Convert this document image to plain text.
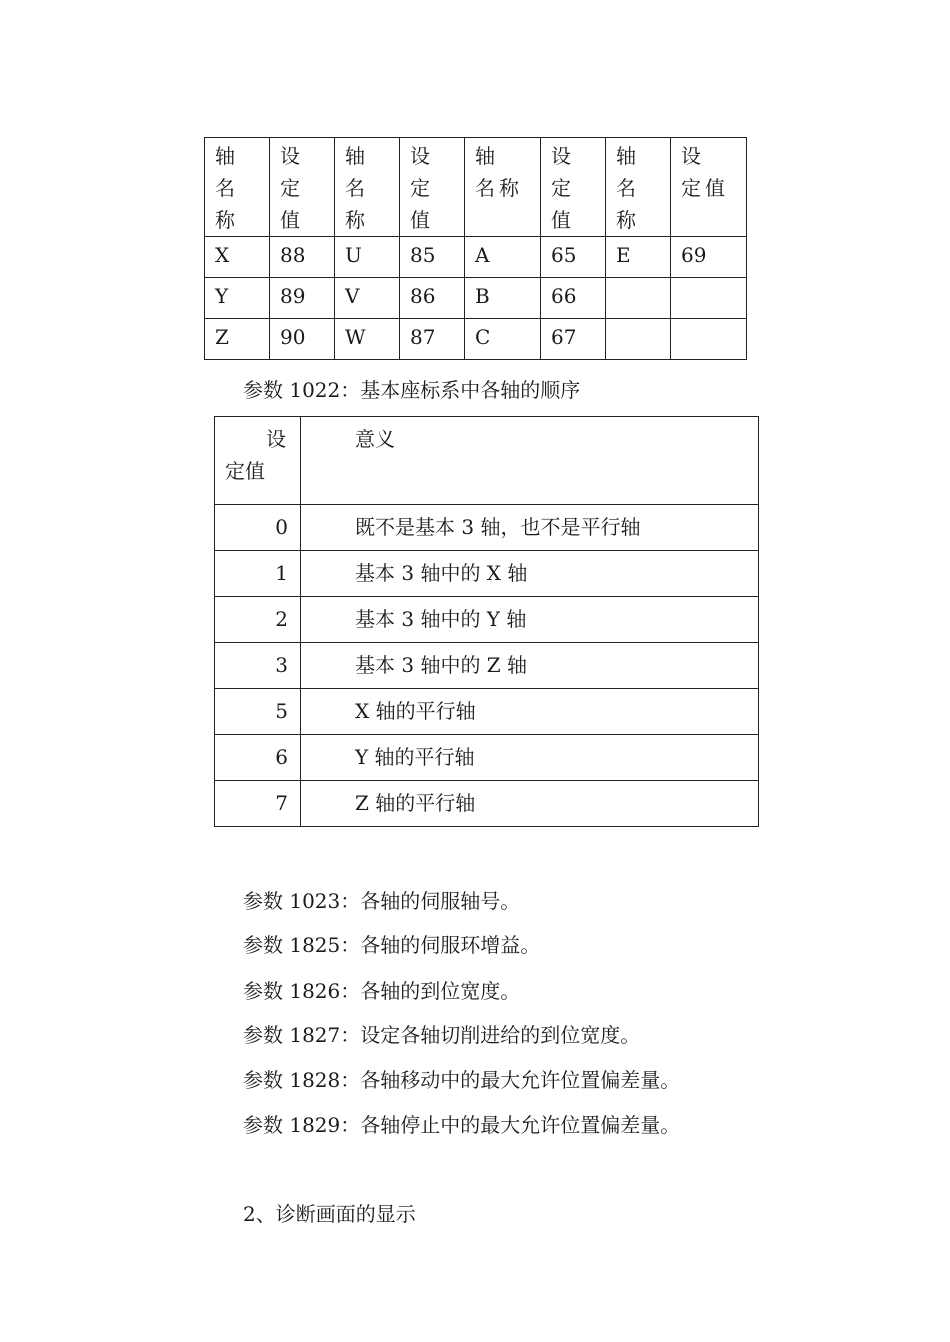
轴名称	设定值	轴名称	设定值	轴 名称	设定值	轴名称	设 定值

X	88	U	85	A	65	E	69
Y	89	V	86	B	66		
Z	90	W	87	C	67		
参数 1022：基本座标系中各轴的顺序
设
定值	意义
0	既不是基本 3 轴，也不是平行轴
1	基本 3 轴中的 X 轴
2	基本 3 轴中的 Y 轴
3	基本 3 轴中的 Z 轴
5	X 轴的平行轴
6	Y 轴的平行轴
7	Z 轴的平行轴
参数 1023：各轴的伺服轴号。
参数 1825：各轴的伺服环增益。
参数 1826：各轴的到位宽度。
参数 1827：设定各轴切削进给的到位宽度。
参数 1828：各轴移动中的最大允许位置偏差量。
参数 1829：各轴停止中的最大允许位置偏差量。
2、诊断画面的显示
